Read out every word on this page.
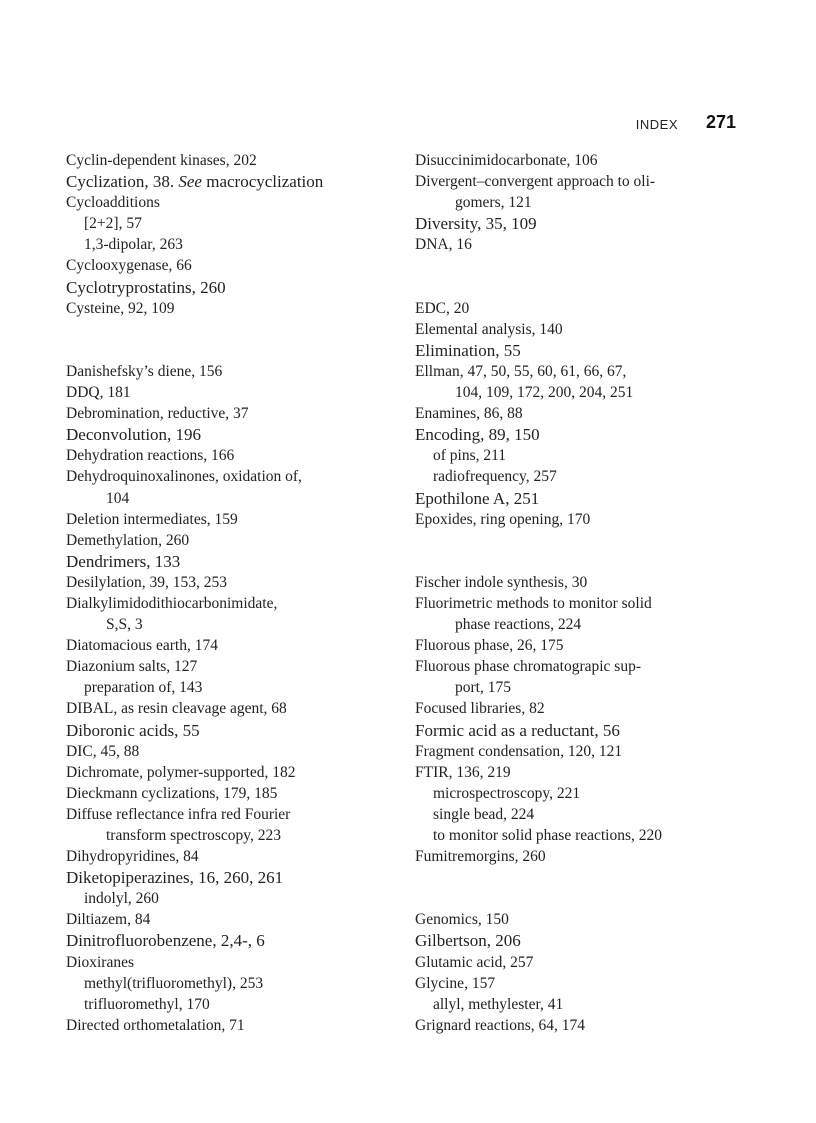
INDEX 271
Cyclin-dependent kinases, 202
Cyclization, 38. See macrocyclization
Cycloadditions
[2+2], 57
1,3-dipolar, 263
Cyclooxygenase, 66
Cyclotryprostatins, 260
Cysteine, 92, 109
Danishefsky’s diene, 156
DDQ, 181
Debromination, reductive, 37
Deconvolution, 196
Dehydration reactions, 166
Dehydroquinoxalinones, oxidation of,
104
Deletion intermediates, 159
Demethylation, 260
Dendrimers, 133
Desilylation, 39, 153, 253
Dialkylimidodithiocarbonimidate,
S,S, 3
Diatomacious earth, 174
Diazonium salts, 127
preparation of, 143
DIBAL, as resin cleavage agent, 68
Diboronic acids, 55
DIC, 45, 88
Dichromate, polymer-supported, 182
Dieckmann cyclizations, 179, 185
Diffuse reflectance infra red Fourier
transform spectroscopy, 223
Dihydropyridines, 84
Diketopiperazines, 16, 260, 261
indolyl, 260
Diltiazem, 84
Dinitrofluorobenzene, 2,4-, 6
Dioxiranes
methyl(trifluoromethyl), 253
trifluoromethyl, 170
Directed orthometalation, 71
Disuccinimidocarbonate, 106
Divergent–convergent approach to oli-
gomers, 121
Diversity, 35, 109
DNA, 16
EDC, 20
Elemental analysis, 140
Elimination, 55
Ellman, 47, 50, 55, 60, 61, 66, 67,
104, 109, 172, 200, 204, 251
Enamines, 86, 88
Encoding, 89, 150
of pins, 211
radiofrequency, 257
Epothilone A, 251
Epoxides, ring opening, 170
Fischer indole synthesis, 30
Fluorimetric methods to monitor solid
phase reactions, 224
Fluorous phase, 26, 175
Fluorous phase chromatograpic sup-
port, 175
Focused libraries, 82
Formic acid as a reductant, 56
Fragment condensation, 120, 121
FTIR, 136, 219
microspectroscopy, 221
single bead, 224
to monitor solid phase reactions, 220
Fumitremorgins, 260
Genomics, 150
Gilbertson, 206
Glutamic acid, 257
Glycine, 157
allyl, methylester, 41
Grignard reactions, 64, 174
